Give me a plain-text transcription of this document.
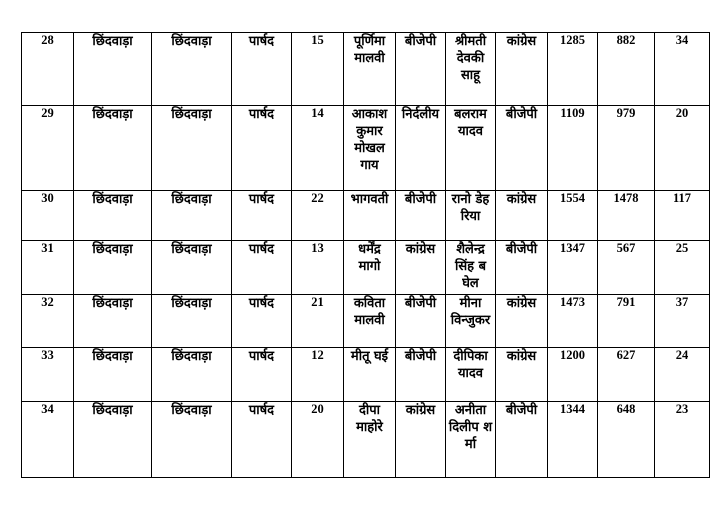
28	छिंदवाड़ा	छिंदवाड़ा	पार्षद	15	पूर्णिमा मालवी	बीजेपी	श्रीमती देवकी साहू	कांग्रेस	1285	882	34
29	छिंदवाड़ा	छिंदवाड़ा	पार्षद	14	आकाश कुमार मोखल गाय	निर्दलीय	बलराम यादव	बीजेपी	1109	979	20
30	छिंदवाड़ा	छिंदवाड़ा	पार्षद	22	भागवती	बीजेपी	रानो डेहरिया	कांग्रेस	1554	1478	117
31	छिंदवाड़ा	छिंदवाड़ा	पार्षद	13	धर्मेंद्र मागो	कांग्रेस	शैलेन्द्र सिंह बघेल	बीजेपी	1347	567	25
32	छिंदवाड़ा	छिंदवाड़ा	पार्षद	21	कविता मालवी	बीजेपी	मीना विन्जुकर	कांग्रेस	1473	791	37
33	छिंदवाड़ा	छिंदवाड़ा	पार्षद	12	मीतू घई	बीजेपी	दीपिका यादव	कांग्रेस	1200	627	24
34	छिंदवाड़ा	छिंदवाड़ा	पार्षद	20	दीपा माहोरे	कांग्रेस	अनीता दिलीप शर्मा	बीजेपी	1344	648	23
